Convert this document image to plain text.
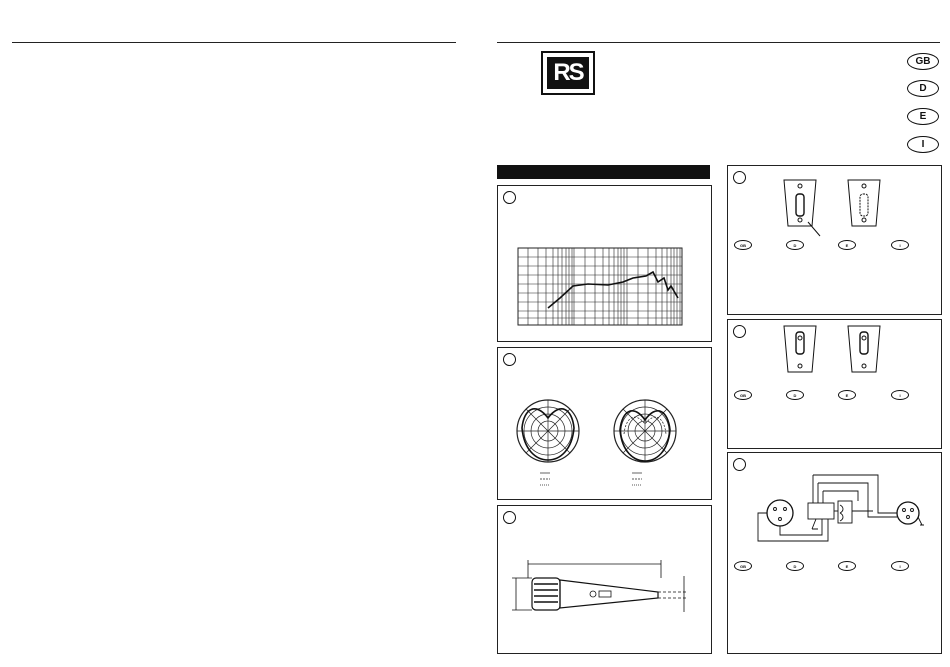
RS	GB
D
E
I
GB	D	E	I
GB	D	E	I
GB	D	E	I
